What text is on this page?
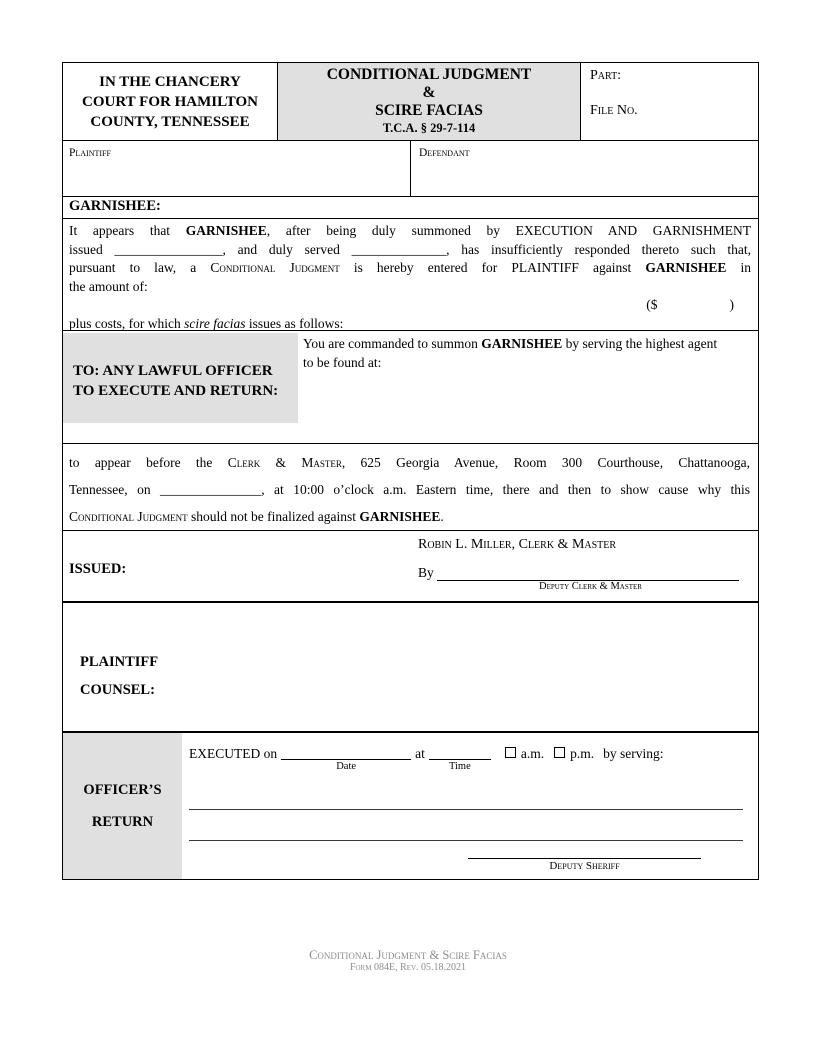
IN THE CHANCERY
COURT FOR HAMILTON
COUNTY, TENNESSEE
CONDITIONAL JUDGMENT
&
SCIRE FACIAS
T.C.A. § 29-7-114
Part:
File No.
Plaintiff	Defendant
GARNISHEE:
It appears that GARNISHEE, after being duly summoned by EXECUTION AND GARNISHMENT
issued ________________, and duly served ______________, has insufficiently responded thereto such that,
pursuant to law, a Conditional Judgment is hereby entered for PLAINTIFF against GARNISHEE in
the amount of:
($	)
plus costs, for which scire facias issues as follows:
TO: ANY LAWFUL OFFICER
TO EXECUTE AND RETURN:
You are commanded to summon GARNISHEE by serving the highest agent to be found at:
to appear before the Clerk & Master, 625 Georgia Avenue, Room 300 Courthouse, Chattanooga,
Tennessee, on _______________, at 10:00 o’clock a.m. Eastern time, there and then to show cause why this
Conditional Judgment should not be finalized against GARNISHEE.
ISSUED:
Robin L. Miller, Clerk & Master
By
Deputy Clerk & Master
PLAINTIFF
COUNSEL:
OFFICER’S
RETURN
EXECUTED on
Date
at
Time
a.m. p.m. by serving:
Deputy Sheriff
Conditional Judgment & Scire Facias
Form 084E, Rev. 05.18.2021
